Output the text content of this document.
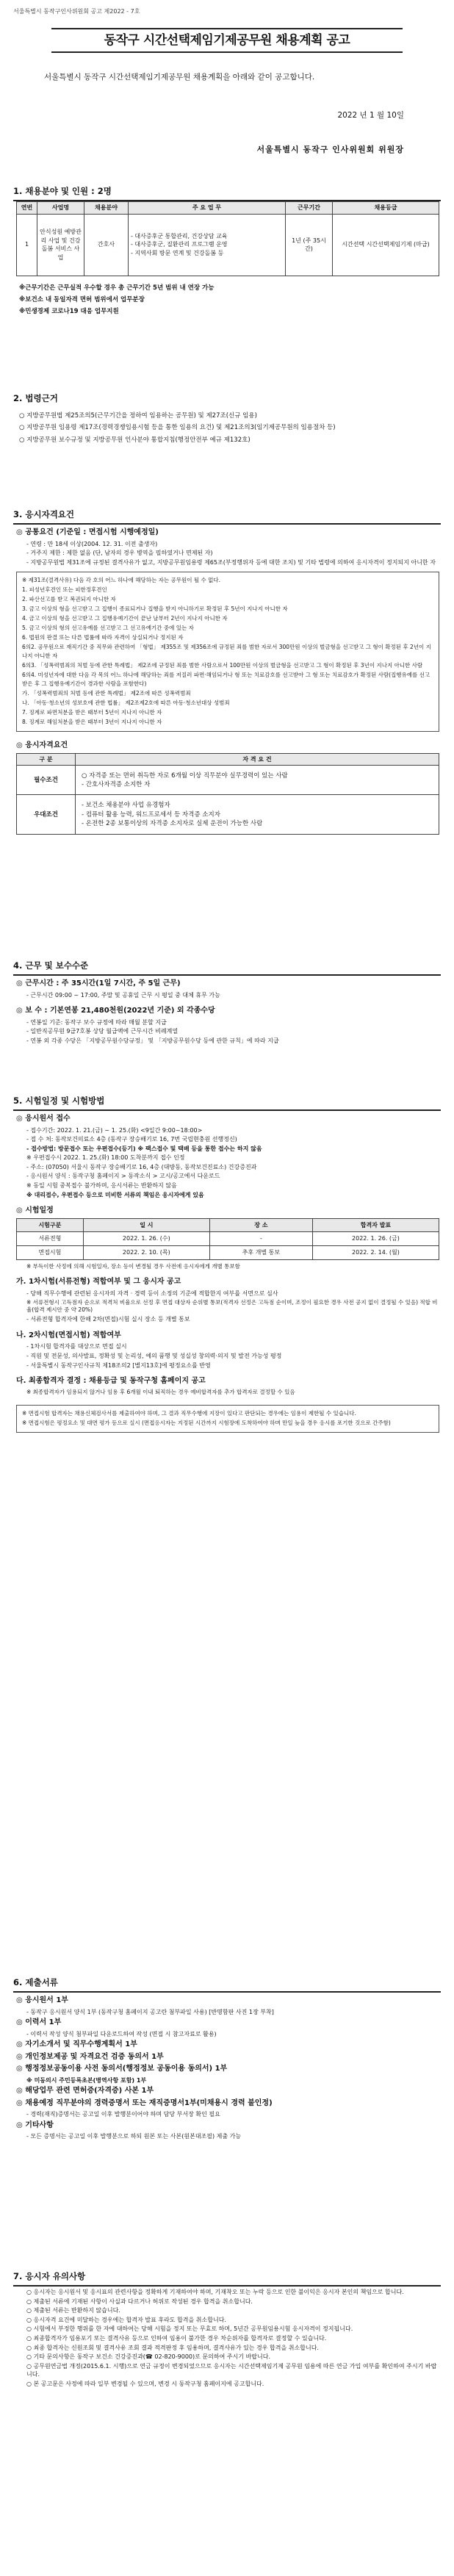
서울특별시 동작구인사위원회 공고 제2022 - 7호
동작구 시간선택제임기제공무원 채용계획 공고

서울특별시 동작구 시간선택제임기제공무원 채용계획을 아래와 같이 공고합니다.

2022 년 1 월 10일
서울특별시 동작구 인사위원회 위원장
1. 채용분야 및 인원 : 2명
연번	사업명	채용분야	주 요 업 무	근무기간	채용등급
1	안식성원 예방관리 사업 및 건강돌봄 서비스 사업	간호사	- 대사증후군 통합관리, 건강상담 교육
- 대사증후군, 질환관리 프로그램 운영
- 지역사회 방문 연계 및 건강돌봄 등	1년 (주 35시간)	시간선택 시간선택제임기제 (마급)
※근무기간은 근무실적 우수할 경우 총 근무기간 5년 범위 내 연장 가능
※보건소 내 동일자격 면허 범위에서 업무분장
※민생경제 코로나19 대응 업무지원
2. 법령근거
○ 지방공무원법 제25조의5(근무기간을 정하여 임용하는 공무원) 및 제27조(신규 임용)
○ 지방공무원 임용령 제17조(경력경쟁임용시험 등을 통한 임용의 요건) 및 제21조의3(임기제공무원의 임용절차 등)
○ 지방공무원 보수규정 및 지방공무원 인사분야 통합지침(행정안전부 예규 제132호)
3. 응시자격요건
◎ 공통요건 (기준일 : 면접시험 시행예정일)
- 연령 : 만 18세 이상(2004. 12. 31. 이전 출생자)
- 거주지 제한 : 제한 없음 (단, 남자의 경우 병역을 필하였거나 면제된 자)
- 지방공무원법 제31조에 규정된 결격사유가 없고, 지방공무원임용령 제65조(부정행위자 등에 대한 조치) 및 기타 법령에 의하여 응시자격이 정지되지 아니한 자

※ 제31조(결격사유) 다음 각 호의 어느 하나에 해당하는 자는 공무원이 될 수 없다.

1. 피성년후견인 또는 피한정후견인

2. 파산선고를 받고 복권되지 아니한 자

3. 금고 이상의 형을 선고받고 그 집행이 종료되거나 집행을 받지 아니하기로 확정된 후 5년이 지나지 아니한 자

4. 금고 이상의 형을 선고받고 그 집행유예기간이 끝난 날부터 2년이 지나지 아니한 자

5. 금고 이상의 형의 선고유예를 선고받고 그 선고유예기간 중에 있는 자

6. 법원의 판결 또는 다른 법률에 따라 자격이 상실되거나 정지된 자

6의2. 공무원으로 재직기간 중 직무와 관련하여 「형법」 제355조 및 제356조에 규정된 죄를 범한 자로서 300만원 이상의 벌금형을 선고받고 그 형이 확정된 후 2년이 지나지 아니한 자

6의3. 「성폭력범죄의 처벌 등에 관한 특례법」 제2조에 규정된 죄를 범한 사람으로서 100만원 이상의 벌금형을 선고받고 그 형이 확정된 후 3년이 지나지 아니한 사람

6의4. 미성년자에 대한 다음 각 목의 어느 하나에 해당하는 죄를 저질러 파면·해임되거나 형 또는 치료감호를 선고받아 그 형 또는 치료감호가 확정된 사람(집행유예를 선고받은 후 그 집행유예기간이 경과한 사람을 포함한다)

가. 「성폭력범죄의 처벌 등에 관한 특례법」 제2조에 따른 성폭력범죄

나. 「아동·청소년의 성보호에 관한 법률」 제2조제2호에 따른 아동·청소년대상 성범죄

7. 징계로 파면처분을 받은 때부터 5년이 지나지 아니한 자

8. 징계로 해임처분을 받은 때부터 3년이 지나지 아니한 자

◎ 응시자격요건
구 분	자 격 요 건
필수조건	○ 자격증 또는 면허 취득한 자로 6개월 이상 직무분야 실무경력이 있는 사람
- 간호사자격증 소지한 자

우대조건	- 보건소 채용분야 사업 유경험자
- 컴퓨터 활용 능력, 워드프로세서 등 자격증 소지자
- 온전한 2종 보통이상의 자격증 소지자로 실제 운전이 가능한 사람
4. 근무 및 보수수준
◎ 근무시간 : 주 35시간(1일 7시간, 주 5일 근무)
- 근무시간 09:00 ~ 17:00, 주말 및 공휴일 근무 시 평일 중 대체 휴무 가능
◎ 보 수 : 기본연봉 21,480천원(2022년 기준) 외 각종수당
- 연봉일 기준: 동작구 보수 규정에 따라 매월 분할 지급
- 일반직공무원 9급7호봉 상당 월급액에 근무시간 비례계열
- 연봉 외 각종 수당은 「지방공무원수당규정」 및 「지방공무원수당 등에 관한 규칙」에 따라 지급
5. 시험일정 및 시험방법
◎ 응시원서 접수
- 접수기간: 2022. 1. 21.(금) ~ 1. 25.(화) <9일간 9:00~18:00>
- 접 수 처: 동작보건의료소 4층 (동작구 장승배기로 16, 7번 국립현충원 선행정신)
- 접수방법: 방문접수 또는 우편접수(등기) ※ 팩스접수 및 택배 등을 통한 접수는 하지 않음
※ 우편접수시 2022. 1. 25.(화) 18:00 도착분까지 접수 인정
- 주소: (07050) 서울시 동작구 장승배기로 16, 4층 (대방동, 동작보건진료소) 건강증진과
- 응시원서 양식 : 동작구청 홈페이지 > 동작소식 > 고시/공고에서 다운로드
※ 동일 시험 중복접수 불가하며, 응시서류는 반환하지 않음
※ 대리접수, 우편접수 등으로 미비한 서류의 책임은 응시자에게 있음
◎ 시험일정
시험구분	일 시	장 소	합격자 발표
서류전형	2022. 1. 26. (수)	-	2022. 1. 26. (금)
면접시험	2022. 2. 10. (목)	추후 개별 통보	2022. 2. 14. (월)
※ 부득이한 사정에 의해 시험일자, 장소 등이 변경될 경우 사전에 응시자에게 개별 통보함
가. 1차시험(서류전형) 적합여부 및 그 응시자 공고
- 당해 직무수행에 관련된 응시자의 자격 · 경력 등이 소정의 기준에 적합한지 여부를 서면으로 심사
※ 서류전형시 고득점자 순으로 적격처 비율으로 선정 후 면접 대상자 순위별 통보(적격자 선정은 고득점 순이며, 조정이 필요한 경우 사전 공지 없이 결정될 수 있음) 적합 비율(합격 제시안 중 약 20%)
- 서류전형 합격자에 한해 2차(면접)시험 실시 장소 등 개별 통보
나. 2차시험(면접시험) 적합여부
- 1차시험 합격자를 대상으로 면접 실시
- 직원 및 전문성, 의사발표, 정확성 및 논리성, 예의 품행 및 성실성 창의력·의지 및 발전 가능성 평정
- 서울특별시 동작구인사규칙 제18조의2 [별지13호]에 평정요소를 반영
다. 최종합격자 결정 : 채용등급 및 동작구청 홈페이지 공고
※ 최종합격자가 임용되지 않거나 임용 후 6개월 이내 퇴직하는 경우 예비합격자를 추가 합격자로 결정할 수 있음

※ 면접시험 합격자는 채용신체검사서를 제출하여야 하며, 그 결과 직무수행에 지장이 있다고 판단되는 경우에는 임용이 제한될 수 있습니다.

※ 면접시험은 평정요소 및 대면 평가 등으로 실시 (면접응시자는 지정된 시간까지 시험장에 도착하여야 하며 만일 늦을 경우 응시를 포기한 것으로 간주함)

6. 제출서류
◎ 응시원서 1부
- 동작구 응시원서 양식 1부 (동작구청 홈페이지 공고란 첨부파일 사용) [반명함판 사진 1장 부착]
◎ 이력서 1부
- 이력서 작성 양식 첨부파일 다운로드하여 작성 (면접 시 참고자료로 활용)
◎ 자기소개서 및 직무수행계획서 1부
◎ 개인정보제공 및 자격요건 검증 동의서 1부
◎ 행정정보공동이용 사전 동의서(행정정보 공동이용 동의서) 1부
※ 미동의시 주민등록초본(병역사항 포함) 1부
◎ 해당업무 관련 면허증(자격증) 사본 1부
◎ 채용예정 직무분야의 경력증명서 또는 재직증명서1부(미채용시 경력 불인정)
- 경력(재직)증명서는 공고일 이후 발행분이어야 하며 담당 부서장 확인 필요
◎ 기타사항
- 모든 증명서는 공고일 이후 발행분으로 하되 원본 또는 사본(원본대조필) 제출 가능
7. 응시자 유의사항
○ 응시자는 응시원서 및 응시표의 관련사항을 정확하게 기재하여야 하며, 기재착오 또는 누락 등으로 인한 불이익은 응시자 본인의 책임으로 합니다.
○ 제출된 서류에 기재된 사항이 사실과 다르거나 허위로 작성된 경우 합격을 취소합니다.
○ 제출된 서류는 반환하지 않습니다.
○ 응시자격 요건에 미달하는 경우에는 합격자 발표 후라도 합격을 취소합니다.
○ 시험에서 부정한 행위를 한 자에 대하여는 당해 시험을 정지 또는 무효로 하며, 5년간 공무원임용시험 응시자격이 정지됩니다.
○ 최종합격자가 임용포기 또는 결격사유 등으로 인하여 임용이 불가한 경우 차순위자를 합격자로 결정할 수 있습니다.
○ 최종 합격자는 신원조회 및 결격사유 조회 결과 적격판정 후 임용하며, 결격사유가 있는 경우 합격을 취소합니다.
○ 기타 문의사항은 동작구 보건소 건강증진과(☎ 02-820-9000)로 문의하여 주시기 바랍니다.
○ 공무원연금법 개정(2015.6.1. 시행)으로 연금 규정이 변경되었으므로 응시자는 시간선택제임기제 공무원 임용에 따른 연금 가입 여부를 확인하여 주시기 바랍니다.
○ 본 공고문은 사정에 따라 일부 변경될 수 있으며, 변경 시 동작구청 홈페이지에 공고합니다.
